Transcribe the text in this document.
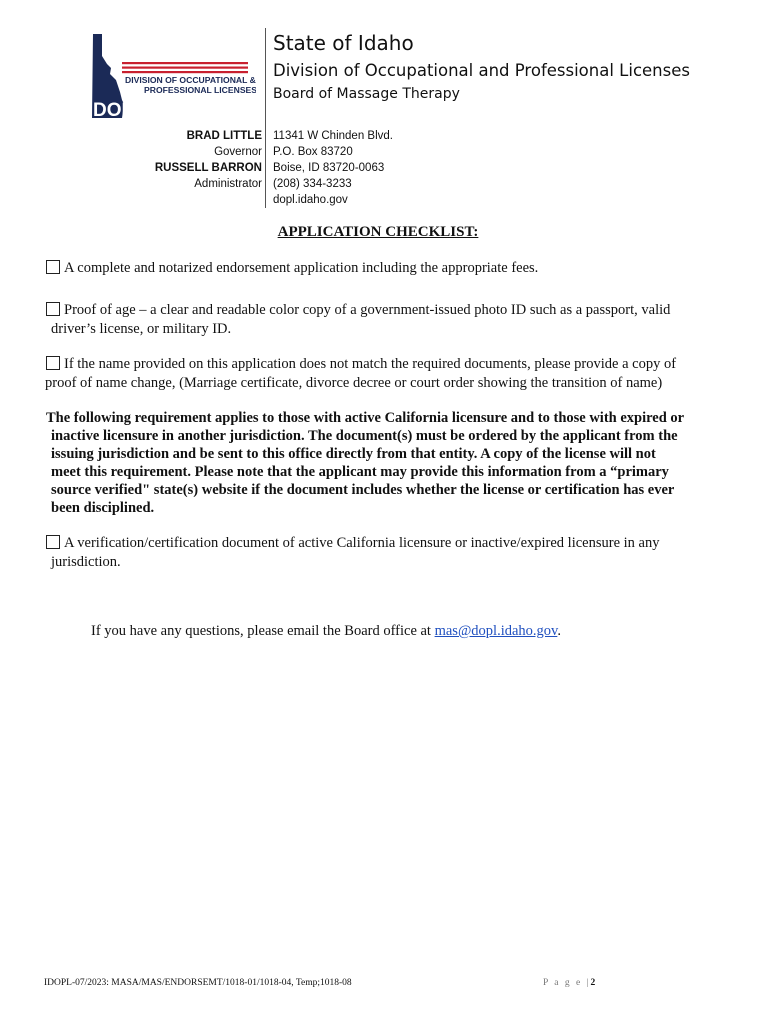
DIVISION OF OCCUPATIONAL &
PROFESSIONAL LICENSES
DOPL
State of Idaho
Division of Occupational and Professional Licenses
Board of Massage Therapy
BRAD LITTLE
Governor
RUSSELL BARRON
Administrator
11341 W Chinden Blvd.
P.O. Box 83720
Boise, ID 83720-0063
(208) 334-3233
dopl.idaho.gov
APPLICATION CHECKLIST:
A complete and notarized endorsement application including the appropriate fees.
Proof of age – a clear and readable color copy of a government-issued photo ID such as a passport, valid
driver’s license, or military ID.
If the name provided on this application does not match the required documents, please provide a copy of
proof of name change, (Marriage certificate, divorce decree or court order showing the transition of name)
The following requirement applies to those with active California licensure and to those with expired or
inactive licensure in another jurisdiction. The document(s) must be ordered by the applicant from the
issuing jurisdiction and be sent to this office directly from that entity. A copy of the license will not
meet this requirement. Please note that the applicant may provide this information from a “primary
source verified" state(s) website if the document includes whether the license or certification has ever
been disciplined.
A verification/certification document of active California licensure or inactive/expired licensure in any
jurisdiction.
If you have any questions, please email the Board office at mas@dopl.idaho.gov.
IDOPL-07/2023: MASA/MAS/ENDORSEMT/1018-01/1018-04, Temp;1018-08	P a g e |2
